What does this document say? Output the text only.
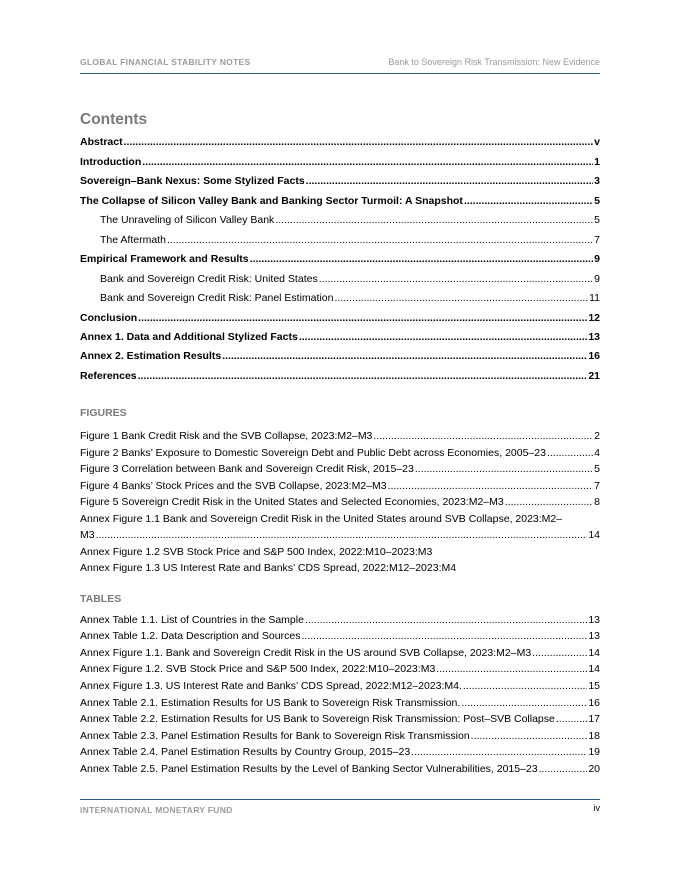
GLOBAL FINANCIAL STABILITY NOTES	Bank to Sovereign Risk Transmission: New Evidence
Contents
Abstract .....	v
Introduction .....	1
Sovereign–Bank Nexus: Some Stylized Facts .....	3
The Collapse of Silicon Valley Bank and Banking Sector Turmoil: A Snapshot .....	5
The Unraveling of Silicon Valley Bank .....	5
The Aftermath .....	7
Empirical Framework and Results .....	9
Bank and Sovereign Credit Risk: United States .....	9
Bank and Sovereign Credit Risk: Panel Estimation .....	11
Conclusion .....	12
Annex 1. Data and Additional Stylized Facts .....	13
Annex 2. Estimation Results .....	16
References .....	21
FIGURES
Figure 1 Bank Credit Risk and the SVB Collapse, 2023:M2–M3 .....	2
Figure 2 Banks’ Exposure to Domestic Sovereign Debt and Public Debt across Economies, 2005–23 .....	4
Figure 3 Correlation between Bank and Sovereign Credit Risk, 2015–23 .....	5
Figure 4 Banks’ Stock Prices and the SVB Collapse, 2023:M2–M3 .....	7
Figure 5 Sovereign Credit Risk in the United States and Selected Economies, 2023:M2–M3 .....	8
Annex Figure 1.1 Bank and Sovereign Credit Risk in the United States around SVB Collapse, 2023:M2–
M3 .....	14
Annex Figure 1.2 SVB Stock Price and S&P 500 Index, 2022:M10–2023:M3
Annex Figure 1.3 US Interest Rate and Banks’ CDS Spread, 2022:M12–2023:M4
TABLES
Annex Table 1.1. List of Countries in the Sample .....	13
Annex Table 1.2. Data Description and Sources .....	13
Annex Figure 1.1. Bank and Sovereign Credit Risk in the US around SVB Collapse, 2023:M2–M3 .....	14
Annex Figure 1.2. SVB Stock Price and S&P 500 Index, 2022:M10–2023:M3 .....	14
Annex Figure 1.3. US Interest Rate and Banks’ CDS Spread, 2022:M12–2023:M4. .....	15
Annex Table 2.1. Estimation Results for US Bank to Sovereign Risk Transmission. .....	16
Annex Table 2.2. Estimation Results for US Bank to Sovereign Risk Transmission: Post–SVB Collapse .....	17
Annex Table 2.3. Panel Estimation Results for Bank to Sovereign Risk Transmission .....	18
Annex Table 2.4. Panel Estimation Results by Country Group, 2015–23 .....	19
Annex Table 2.5. Panel Estimation Results by the Level of Banking Sector Vulnerabilities, 2015–23 .....	20
INTERNATIONAL MONETARY FUND	iv
